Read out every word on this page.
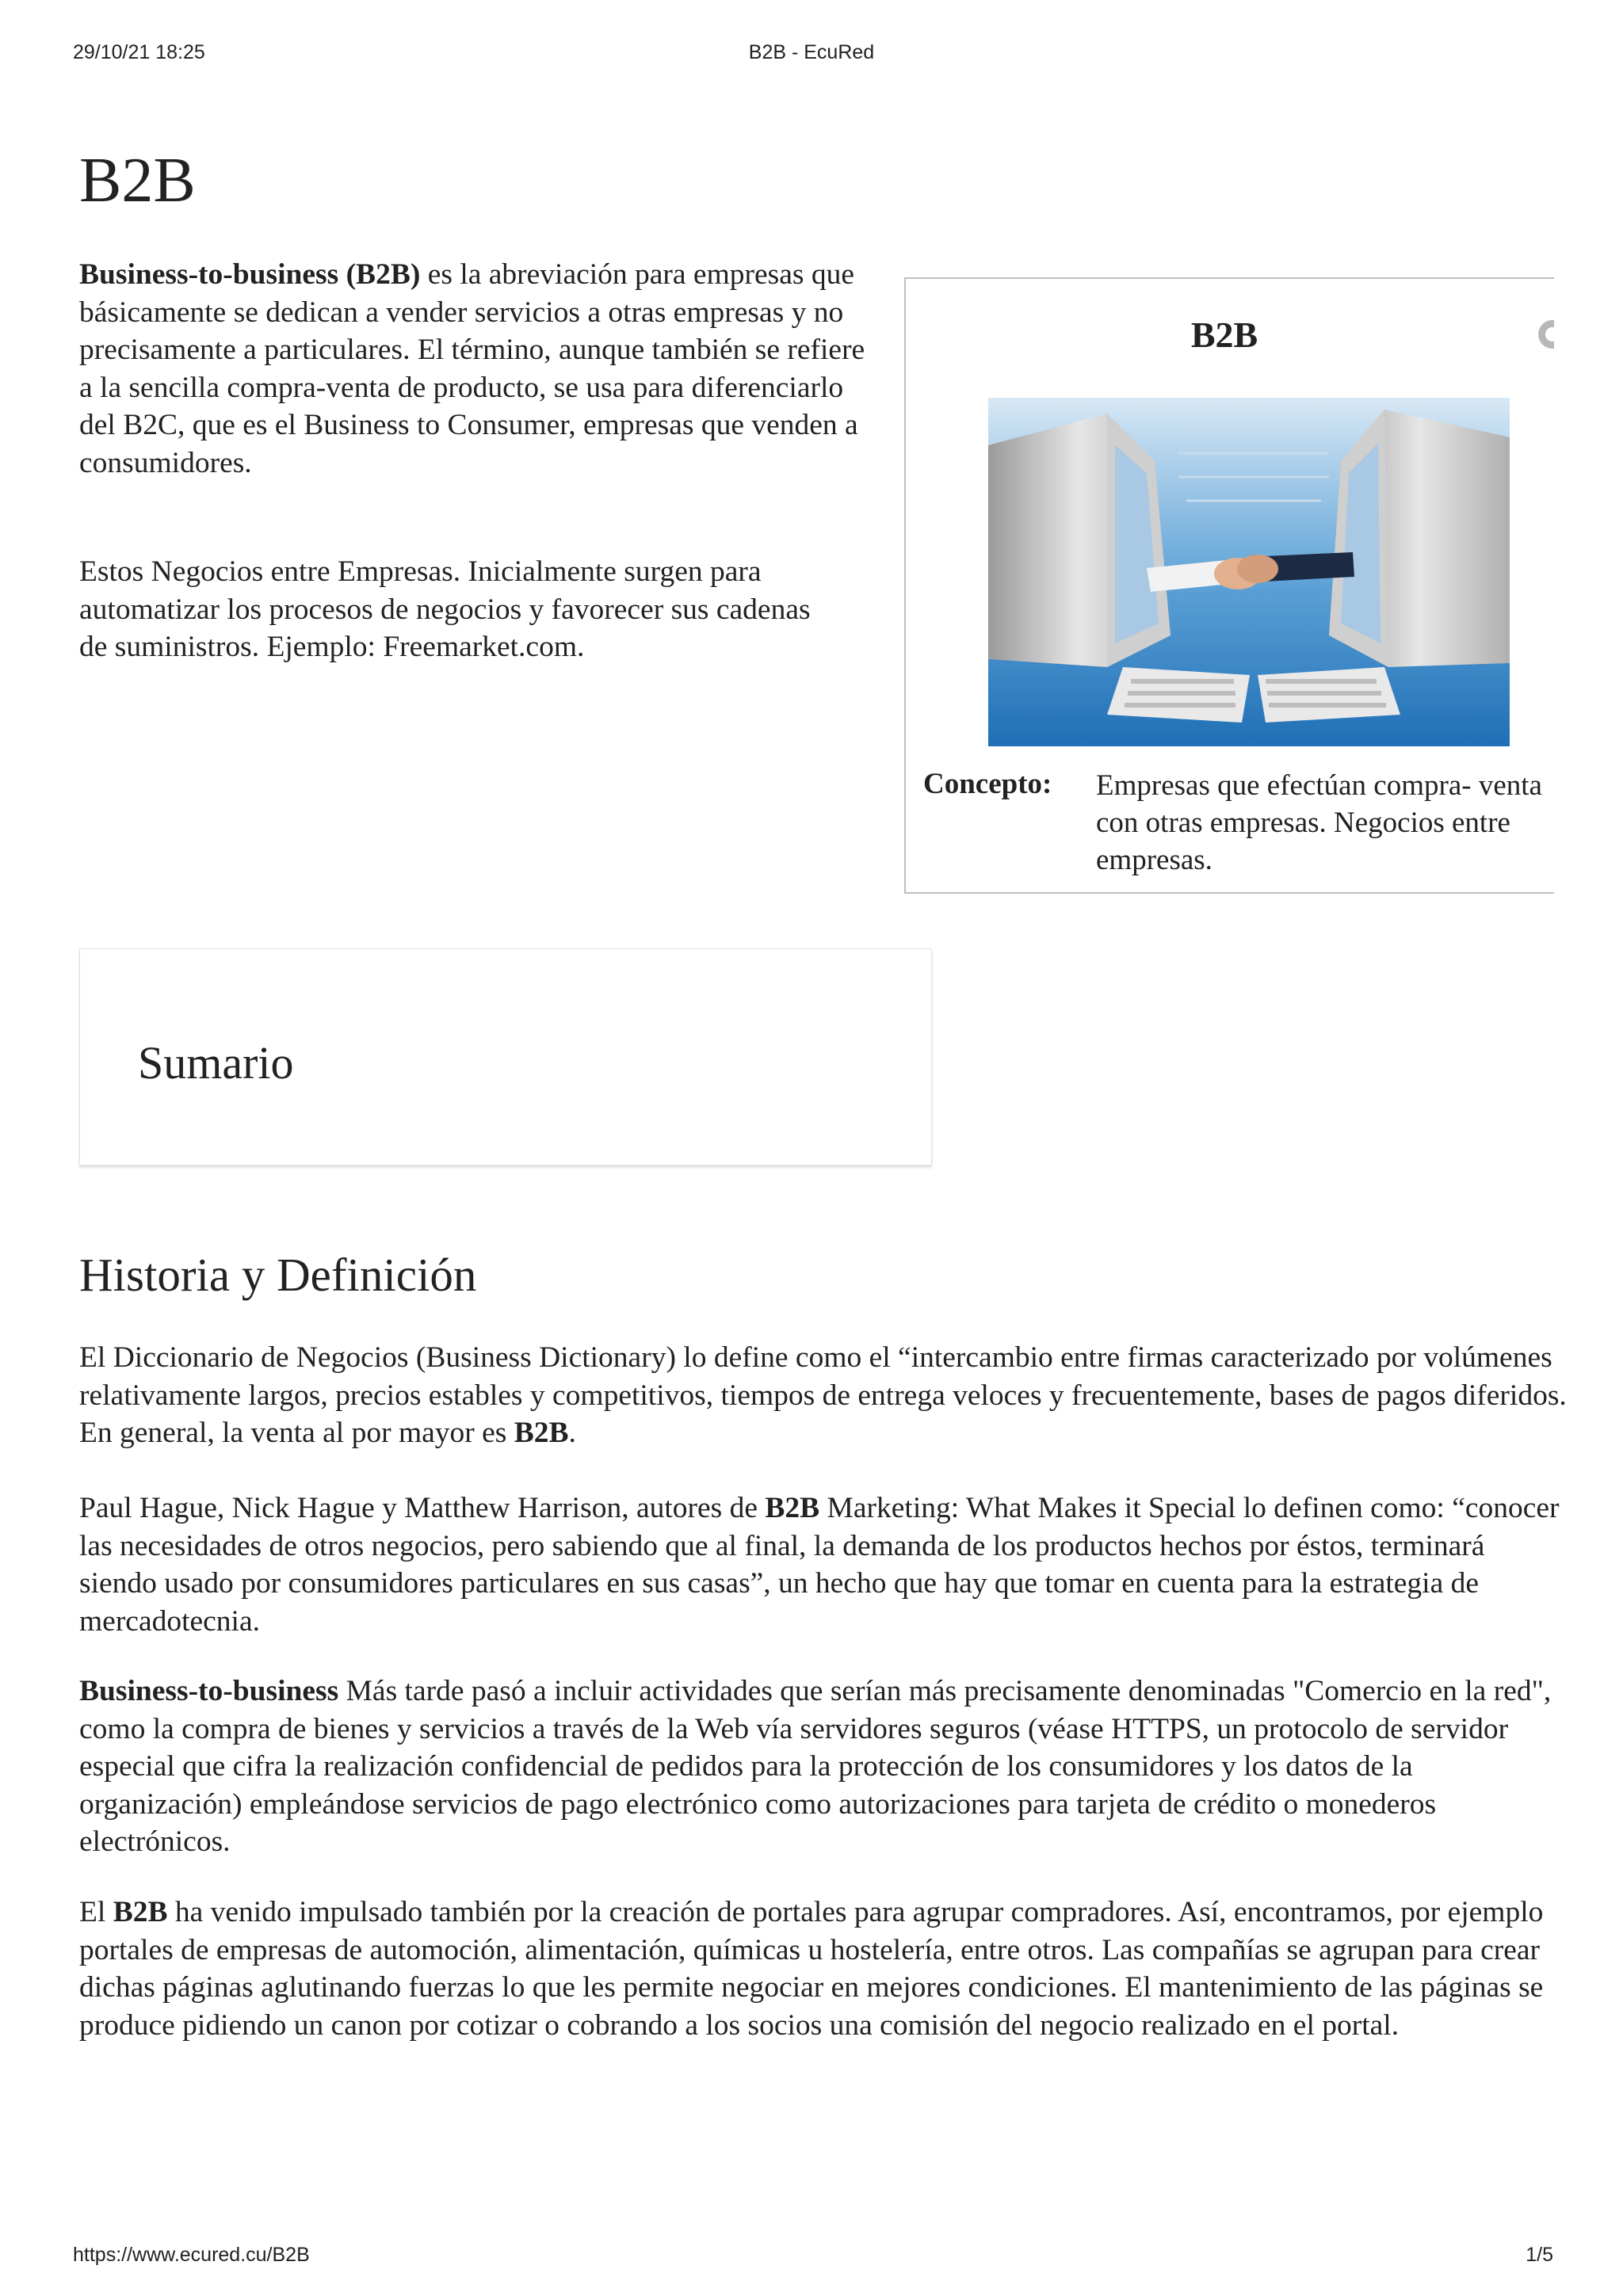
29/10/21 18:25	B2B - EcuRed
B2B

Business-to-business (B2B) es la abreviación para empresas que básicamente se dedican a vender servicios a otras empresas y no precisamente a particulares. El término, aunque también se refiere a la sencilla compra-venta de producto, se usa para diferenciarlo del B2C, que es el Business to Consumer, empresas que venden a consumidores.

Estos Negocios entre Empresas. Inicialmente surgen para automatizar los procesos de negocios y favorecer sus cadenas de suministros. Ejemplo: Freemarket.com.

B2B
Concepto: Empresas que efectúan compra- venta con otras empresas. Negocios entre empresas.
Sumario
Historia y Definición

El Diccionario de Negocios (Business Dictionary) lo define como el “intercambio entre firmas caracterizado por volúmenes relativamente largos, precios estables y competitivos, tiempos de entrega veloces y frecuentemente, bases de pagos diferidos. En general, la venta al por mayor es B2B.

Paul Hague, Nick Hague y Matthew Harrison, autores de B2B Marketing: What Makes it Special lo definen como: “conocer las necesidades de otros negocios, pero sabiendo que al final, la demanda de los productos hechos por éstos, terminará siendo usado por consumidores particulares en sus casas”, un hecho que hay que tomar en cuenta para la estrategia de mercadotecnia.

Business-to-business Más tarde pasó a incluir actividades que serían más precisamente denominadas "Comercio en la red", como la compra de bienes y servicios a través de la Web vía servidores seguros (véase HTTPS, un protocolo de servidor especial que cifra la realización confidencial de pedidos para la protección de los consumidores y los datos de la organización) empleándose servicios de pago electrónico como autorizaciones para tarjeta de crédito o monederos electrónicos.

El B2B ha venido impulsado también por la creación de portales para agrupar compradores. Así, encontramos, por ejemplo portales de empresas de automoción, alimentación, químicas u hostelería, entre otros. Las compañías se agrupan para crear dichas páginas aglutinando fuerzas lo que les permite negociar en mejores condiciones. El mantenimiento de las páginas se produce pidiendo un canon por cotizar o cobrando a los socios una comisión del negocio realizado en el portal.

https://www.ecured.cu/B2B	1/5
